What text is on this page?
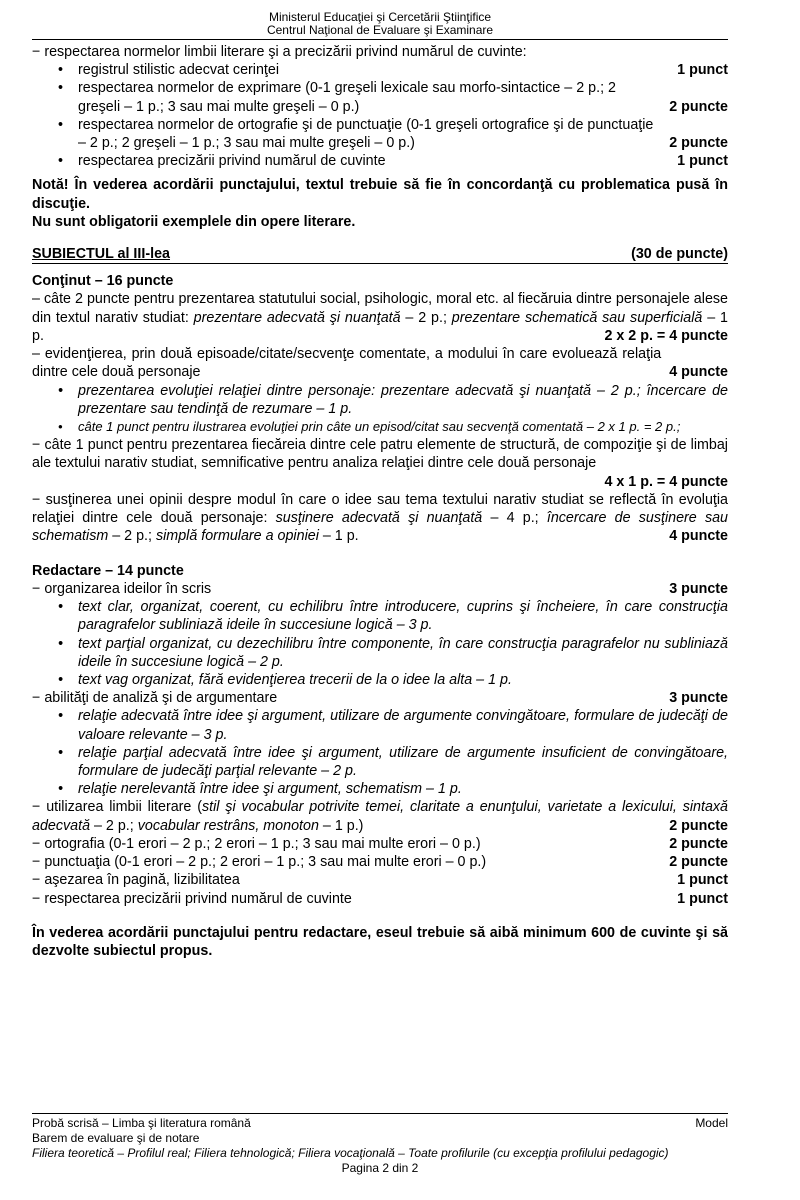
Ministerul Educaţiei şi Cercetării Ştiinţifice
Centrul Naţional de Evaluare şi Examinare
− respectarea normelor limbii literare şi a precizării privind numărul de cuvinte:
• registrul stilistic adecvat cerinţei	1 punct
• respectarea normelor de exprimare (0-1 greşeli lexicale sau morfo-sintactice – 2 p.; 2 greşeli – 1 p.; 3 sau mai multe greşeli – 0 p.)	2 puncte
• respectarea normelor de ortografie şi de punctuaţie (0-1 greşeli ortografice şi de punctuaţie – 2 p.; 2 greşeli – 1 p.; 3 sau mai multe greşeli – 0 p.)	2 puncte
• respectarea precizării privind numărul de cuvinte	1 punct
Notă! În vederea acordării punctajului, textul trebuie să fie în concordanţă cu problematica pusă în discuţie.
Nu sunt obligatorii exemplele din opere literare.
SUBIECTUL al III-lea	(30 de puncte)
Conţinut – 16 puncte
– câte 2 puncte pentru prezentarea statutului social, psihologic, moral etc. al fiecăruia dintre personajele alese din textul narativ studiat: prezentare adecvată şi nuanţată – 2 p.; prezentare schematică sau superficială – 1 p.	2 x 2 p. = 4 puncte
– evidenţierea, prin două episoade/citate/secvenţe comentate, a modului în care evoluează relaţia dintre cele două personaje	4 puncte
• prezentarea evoluţiei relaţiei dintre personaje: prezentare adecvată şi nuanţată – 2 p.; încercare de prezentare sau tendinţă de rezumare – 1 p.
• câte 1 punct pentru ilustrarea evoluţiei prin câte un episod/citat sau secvenţă comentată – 2 x 1 p. = 2 p.;
− câte 1 punct pentru prezentarea fiecăreia dintre cele patru elemente de structură, de compoziţie şi de limbaj ale textului narativ studiat, semnificative pentru analiza relaţiei dintre cele două personaje
4 x 1 p. = 4 puncte
− susţinerea unei opinii despre modul în care o idee sau tema textului narativ studiat se reflectă în evoluţia relaţiei dintre cele două personaje: susţinere adecvată şi nuanţată – 4 p.; încercare de susţinere sau schematism – 2 p.; simplă formulare a opiniei – 1 p.	4 puncte
Redactare – 14 puncte
− organizarea ideilor în scris	3 puncte
• text clar, organizat, coerent, cu echilibru între introducere, cuprins şi încheiere, în care construcţia paragrafelor subliniază ideile în succesiune logică – 3 p.
• text parţial organizat, cu dezechilibru între componente, în care construcţia paragrafelor nu subliniază ideile în succesiune logică – 2 p.
• text vag organizat, fără evidenţierea trecerii de la o idee la alta – 1 p.
− abilităţi de analiză şi de argumentare	3 puncte
• relaţie adecvată între idee şi argument, utilizare de argumente convingătoare, formulare de judecăţi de valoare relevante – 3 p.
• relaţie parţial adecvată între idee şi argument, utilizare de argumente insuficient de convingătoare, formulare de judecăţi parţial relevante – 2 p.
• relaţie nerelevantă între idee şi argument, schematism – 1 p.
− utilizarea limbii literare (stil şi vocabular potrivite temei, claritate a enunţului, varietate a lexicului, sintaxă adecvată – 2 p.; vocabular restrâns, monoton – 1 p.)	2 puncte
− ortografia (0-1 erori – 2 p.; 2 erori – 1 p.; 3 sau mai multe erori – 0 p.)	2 puncte
− punctuaţia (0-1 erori – 2 p.; 2 erori – 1 p.; 3 sau mai multe erori – 0 p.)	2 puncte
− aşezarea în pagină, lizibilitatea	1 punct
− respectarea precizării privind numărul de cuvinte	1 punct
În vederea acordării punctajului pentru redactare, eseul trebuie să aibă minimum 600 de cuvinte şi să dezvolte subiectul propus.
Probă scrisă – Limba şi literatura română	Model
Barem de evaluare şi de notare
Filiera teoretică – Profilul real; Filiera tehnologică; Filiera vocaţională – Toate profilurile (cu excepţia profilului pedagogic)
Pagina 2 din 2
